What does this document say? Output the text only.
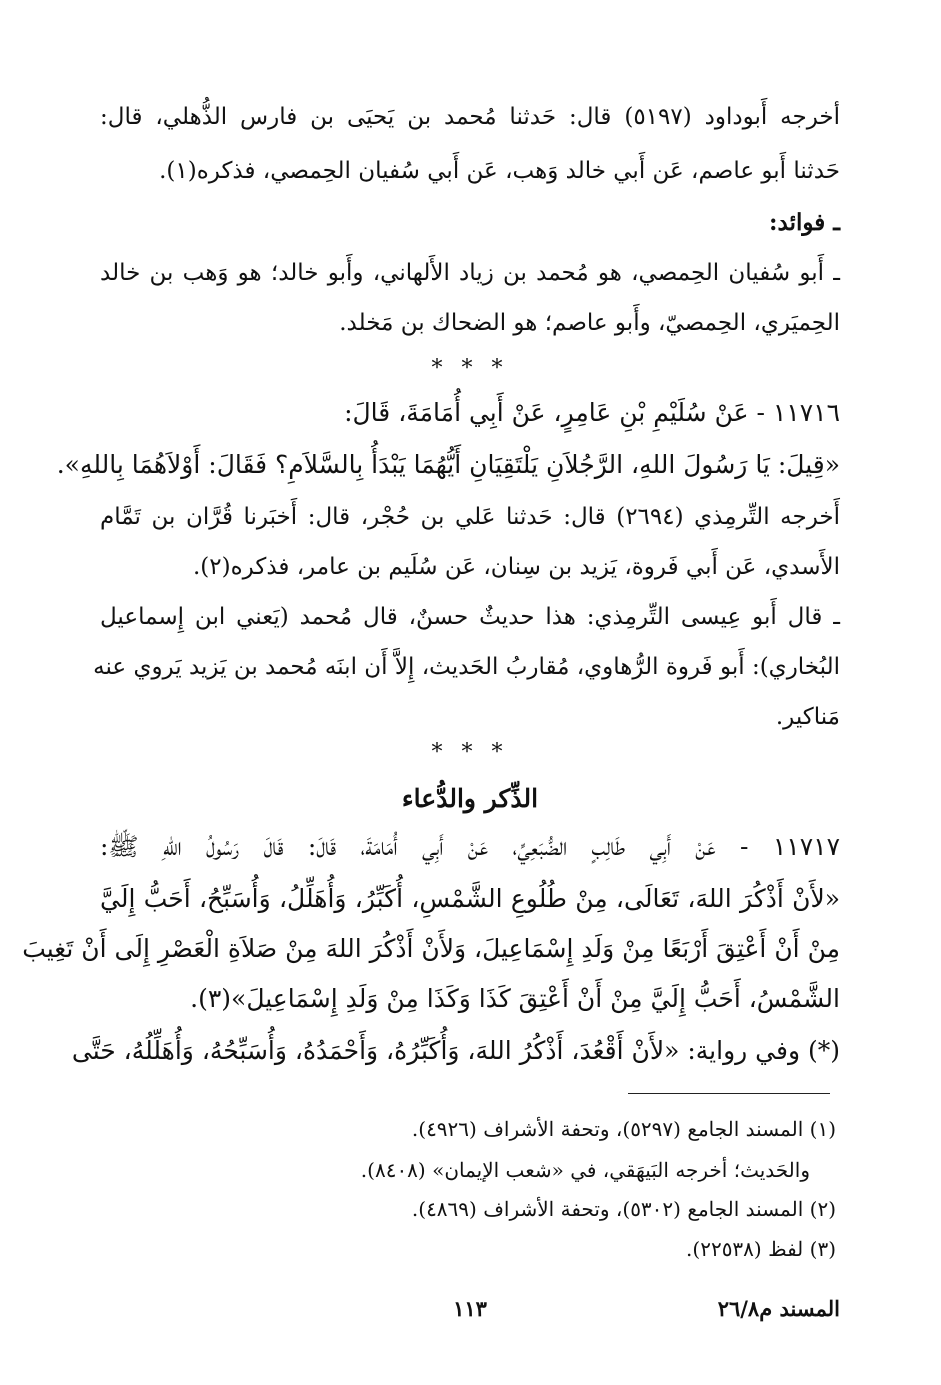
أخرجه أَبوداود (٥١٩٧) قال: حَدثنا مُحمد بن يَحيَى بن فارس الذُّهلي، قال:
حَدثنا أَبو عاصم، عَن أَبي خالد وَهب، عَن أَبي سُفيان الحِمصي، فذكره(١).
ـ فوائد:
ـ أَبو سُفيان الحِمصي، هو مُحمد بن زياد الأَلهاني، وأَبو خالد؛ هو وَهب بن خالد
الحِميَري، الحِمصيّ، وأَبو عاصم؛ هو الضحاك بن مَخلد.
* * *
١١٧١٦ - عَنْ سُلَيْمِ بْنِ عَامِرٍ، عَنْ أَبِي أُمَامَةَ، قَالَ:
«قِيلَ: يَا رَسُولَ اللهِ، الرَّجُلاَنِ يَلْتَقِيَانِ أَيُّهُمَا يَبْدَأُ بِالسَّلاَمِ؟ فَقَالَ: أَوْلاَهُمَا بِاللهِ».
أَخرجه التِّرمِذي (٢٦٩٤) قال: حَدثنا عَلي بن حُجْر، قال: أَخبَرنا قُرَّان بن تَمَّام
الأَسدي، عَن أَبي فَروة، يَزيد بن سِنان، عَن سُلَيم بن عامر، فذكره(٢).
ـ قال أَبو عِيسى التِّرمِذي: هذا حديثٌ حسنٌ، قال مُحمد (يَعني ابن إِسماعيل
البُخاري): أَبو فَروة الرُّهاوي، مُقاربُ الحَديث، إِلاَّ أَن ابنَه مُحمد بن يَزيد يَروي عنه
مَناكير.
* * *
الذِّكر والدُّعاء
١١٧١٧ - عَنْ أَبِي طَالِبٍ الضُّبَعِيِّ، عَنْ أَبِي أُمَامَةَ، قَالَ: قَالَ رَسُولُ اللهِ ﷺ:
«لأَنْ أَذْكُرَ اللهَ، تَعَالَى، مِنْ طُلُوعِ الشَّمْسِ، أُكَبِّرُ، وَأُهَلِّلُ، وَأُسَبِّحُ، أَحَبُّ إِلَيَّ
مِنْ أَنْ أَعْتِقَ أَرْبَعًا مِنْ وَلَدِ إِسْمَاعِيلَ، وَلأَنْ أَذْكُرَ اللهَ مِنْ صَلاَةِ الْعَصْرِ إِلَى أَنْ تَغِيبَ
الشَّمْسُ، أَحَبُّ إِلَيَّ مِنْ أَنْ أَعْتِقَ كَذَا وَكَذَا مِنْ وَلَدِ إِسْمَاعِيلَ»(٣).
(*) وفي رواية: «لأَنْ أَقْعُدَ، أَذْكُرُ اللهَ، وَأُكَبِّرُهُ، وَأَحْمَدُهُ، وَأُسَبِّحُهُ، وَأُهَلِّلُهُ، حَتَّى
(١) المسند الجامع (٥٢٩٧)، وتحفة الأشراف (٤٩٢٦).
والحَديث؛ أخرجه البَيهَقي، في «شعب الإيمان» (٨٤٠٨).
(٢) المسند الجامع (٥٣٠٢)، وتحفة الأشراف (٤٨٦٩).
(٣) لفظ (٢٢٥٣٨).
المسند م٢٦/٨
١١٣
